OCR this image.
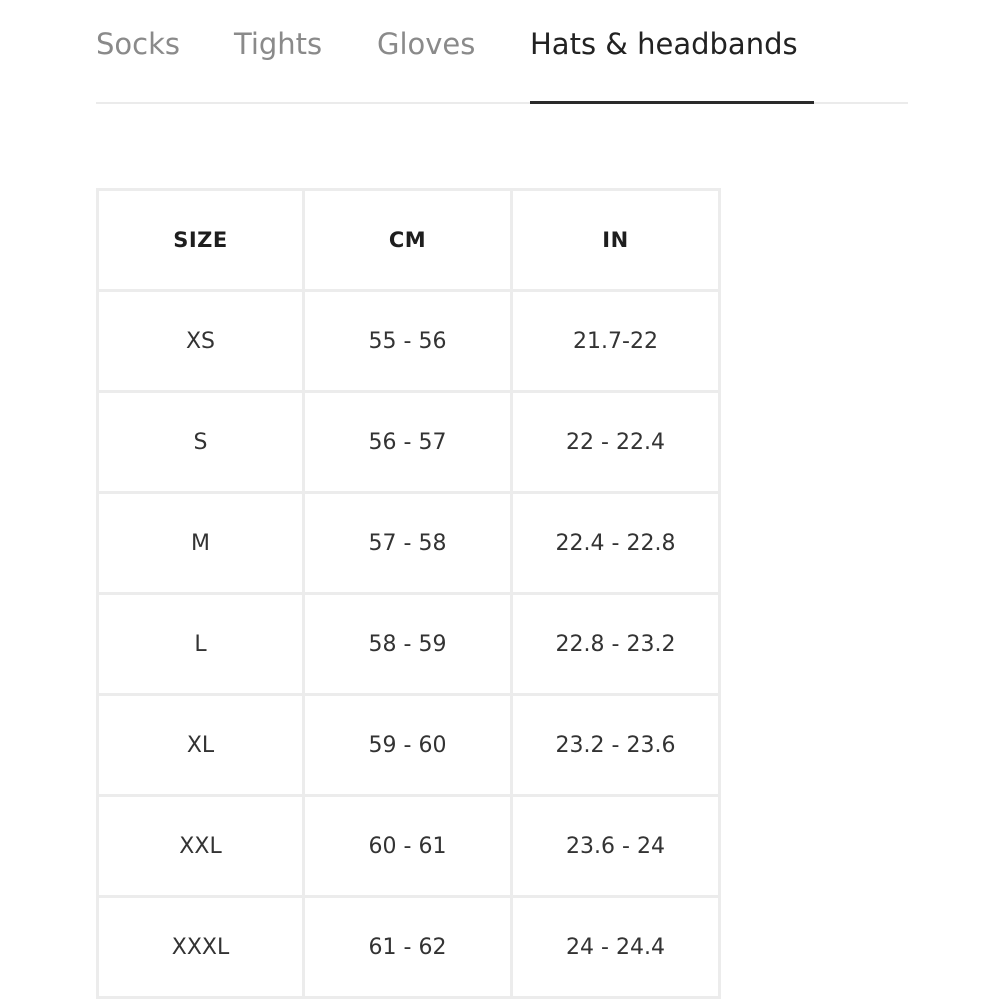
Socks Tights Gloves Hats & headbands
SIZE	CM	IN
XS	55 - 56	21.7-22
S	56 - 57	22 - 22.4
M	57 - 58	22.4 - 22.8
L	58 - 59	22.8 - 23.2
XL	59 - 60	23.2 - 23.6
XXL	60 - 61	23.6 - 24
XXXL	61 - 62	24 - 24.4
